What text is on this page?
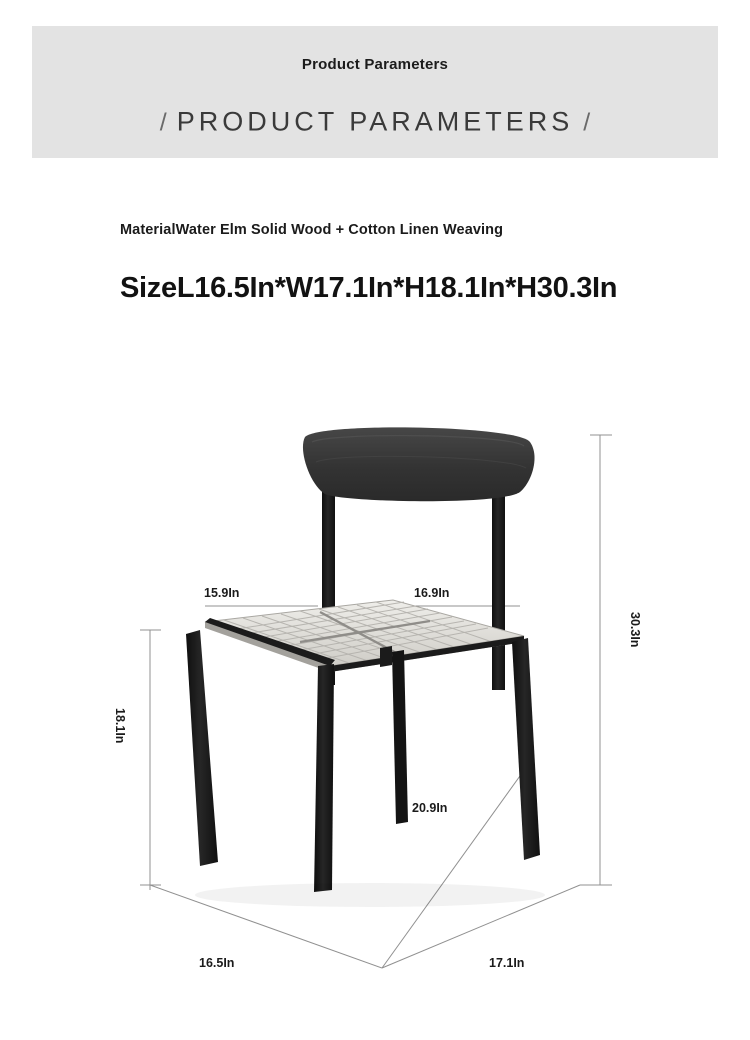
Product Parameters
/ PRODUCT PARAMETERS /
MaterialWater Elm Solid Wood + Cotton Linen Weaving
SizeL16.5In*W17.1In*H18.1In*H30.3In
15.9In	16.9In
30.3In
18.1In
20.9In
16.5In	17.1In
